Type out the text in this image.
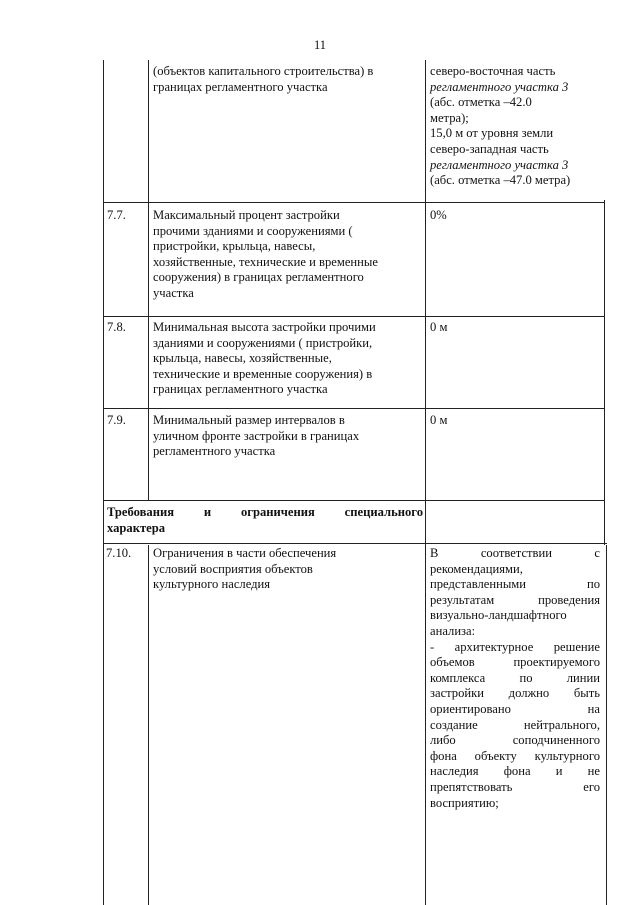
11
(объектов капитального строительства) в
границах регламентного участка
северо-восточная часть
регламентного участка 3
(абс. отметка –42.0
метра);
15,0 м от уровня земли
северо-западная часть
регламентного участка 3
(абс. отметка –47.0 метра)
7.7. Максимальный процент застройки
прочими зданиями и сооружениями (
пристройки, крыльца, навесы,
хозяйственные, технические и временные
сооружения) в границах регламентного
участка
0%
7.8. Минимальная высота застройки прочими
зданиями и сооружениями ( пристройки,
крыльца, навесы, хозяйственные,
технические и временные сооружения) в
границах регламентного участка
0 м
7.9. Минимальный размер интервалов в
уличном фронте застройки в границах
регламентного участка
0 м
Требования и ограничения специального
характера
7.10. Ограничения в части обеспечения
условий восприятия объектов
культурного наследия
В соответствии с
рекомендациями,
представленными по
результатам проведения
визуально-ландшафтного
анализа:
- архитектурное решение
объемов проектируемого
комплекса по линии
застройки должно быть
ориентировано на
создание нейтрального,
либо соподчиненного
фона объекту культурного
наследия фона и не
препятствовать его
восприятию;
